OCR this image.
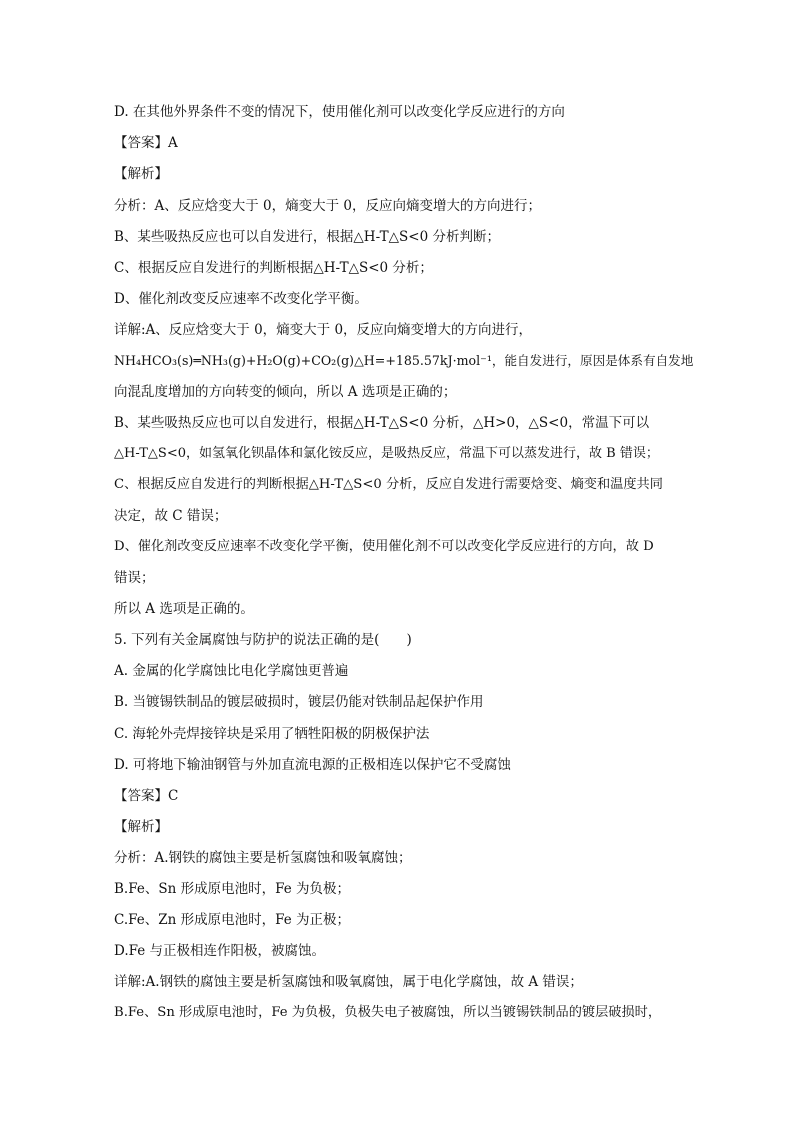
D. 在其他外界条件不变的情况下，使用催化剂可以改变化学反应进行的方向
【答案】A
【解析】
分析：A、反应焓变大于 0，熵变大于 0，反应向熵变增大的方向进行；
B、某些吸热反应也可以自发进行，根据△H-T△S<0 分析判断；
C、根据反应自发进行的判断根据△H-T△S<0 分析；
D、催化剂改变反应速率不改变化学平衡。
详解:A、反应焓变大于 0，熵变大于 0，反应向熵变增大的方向进行，
NH₄HCO₃(s)═NH₃(g)+H₂O(g)+CO₂(g)△H=+185.57kJ·mol⁻¹，能自发进行，原因是体系有自发地
向混乱度增加的方向转变的倾向，所以 A 选项是正确的；
B、某些吸热反应也可以自发进行，根据△H-T△S<0 分析，△H>0，△S<0，常温下可以
△H-T△S<0，如氢氧化钡晶体和氯化铵反应，是吸热反应，常温下可以蒸发进行，故 B 错误；
C、根据反应自发进行的判断根据△H-T△S<0 分析，反应自发进行需要焓变、熵变和温度共同
决定，故 C 错误；
D、催化剂改变反应速率不改变化学平衡，使用催化剂不可以改变化学反应进行的方向，故 D
错误；
所以 A 选项是正确的。
5. 下列有关金属腐蚀与防护的说法正确的是(　　)
A. 金属的化学腐蚀比电化学腐蚀更普遍
B. 当镀锡铁制品的镀层破损时，镀层仍能对铁制品起保护作用
C. 海轮外壳焊接锌块是采用了牺牲阳极的阴极保护法
D. 可将地下输油钢管与外加直流电源的正极相连以保护它不受腐蚀
【答案】C
【解析】
分析：A.钢铁的腐蚀主要是析氢腐蚀和吸氧腐蚀；
B.Fe、Sn 形成原电池时，Fe 为负极；
C.Fe、Zn 形成原电池时，Fe 为正极；
D.Fe 与正极相连作阳极，被腐蚀。
详解:A.钢铁的腐蚀主要是析氢腐蚀和吸氧腐蚀，属于电化学腐蚀，故 A 错误；
B.Fe、Sn 形成原电池时，Fe 为负极，负极失电子被腐蚀，所以当镀锡铁制品的镀层破损时，
